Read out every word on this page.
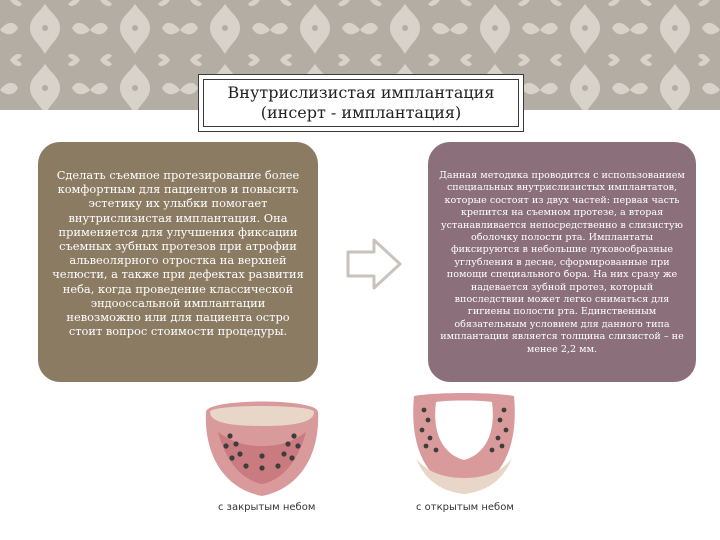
Внутрислизистая имплантация
(инсерт - имплантация)

Сделать съемное протезирование более комфортным для пациентов и повысить эстетику их улыбки помогает внутрислизистая имплантация. Она применяется для улучшения фиксации съемных зубных протезов при атрофии альвеолярного отростка на верхней челюсти, а также при дефектах развития неба, когда проведение классической эндооссальной имплантации невозможно или для пациента остро стоит вопрос стоимости процедуры.

Данная методика проводится с использованием специальных внутрислизистых имплантатов, которые состоят из двух частей: первая часть крепится на съемном протезе, а вторая устанавливается непосредственно в слизистую оболочку полости рта. Имплантаты фиксируются в небольшие луковообразные углубления в десне, сформированные при помощи специального бора. На них сразу же надевается зубной протез, который впоследствии может легко сниматься для гигиены полости рта. Единственным обязательным условием для данного типа имплантации является толщина слизистой – не менее 2,2 мм.

с закрытым небом	с открытым небом
